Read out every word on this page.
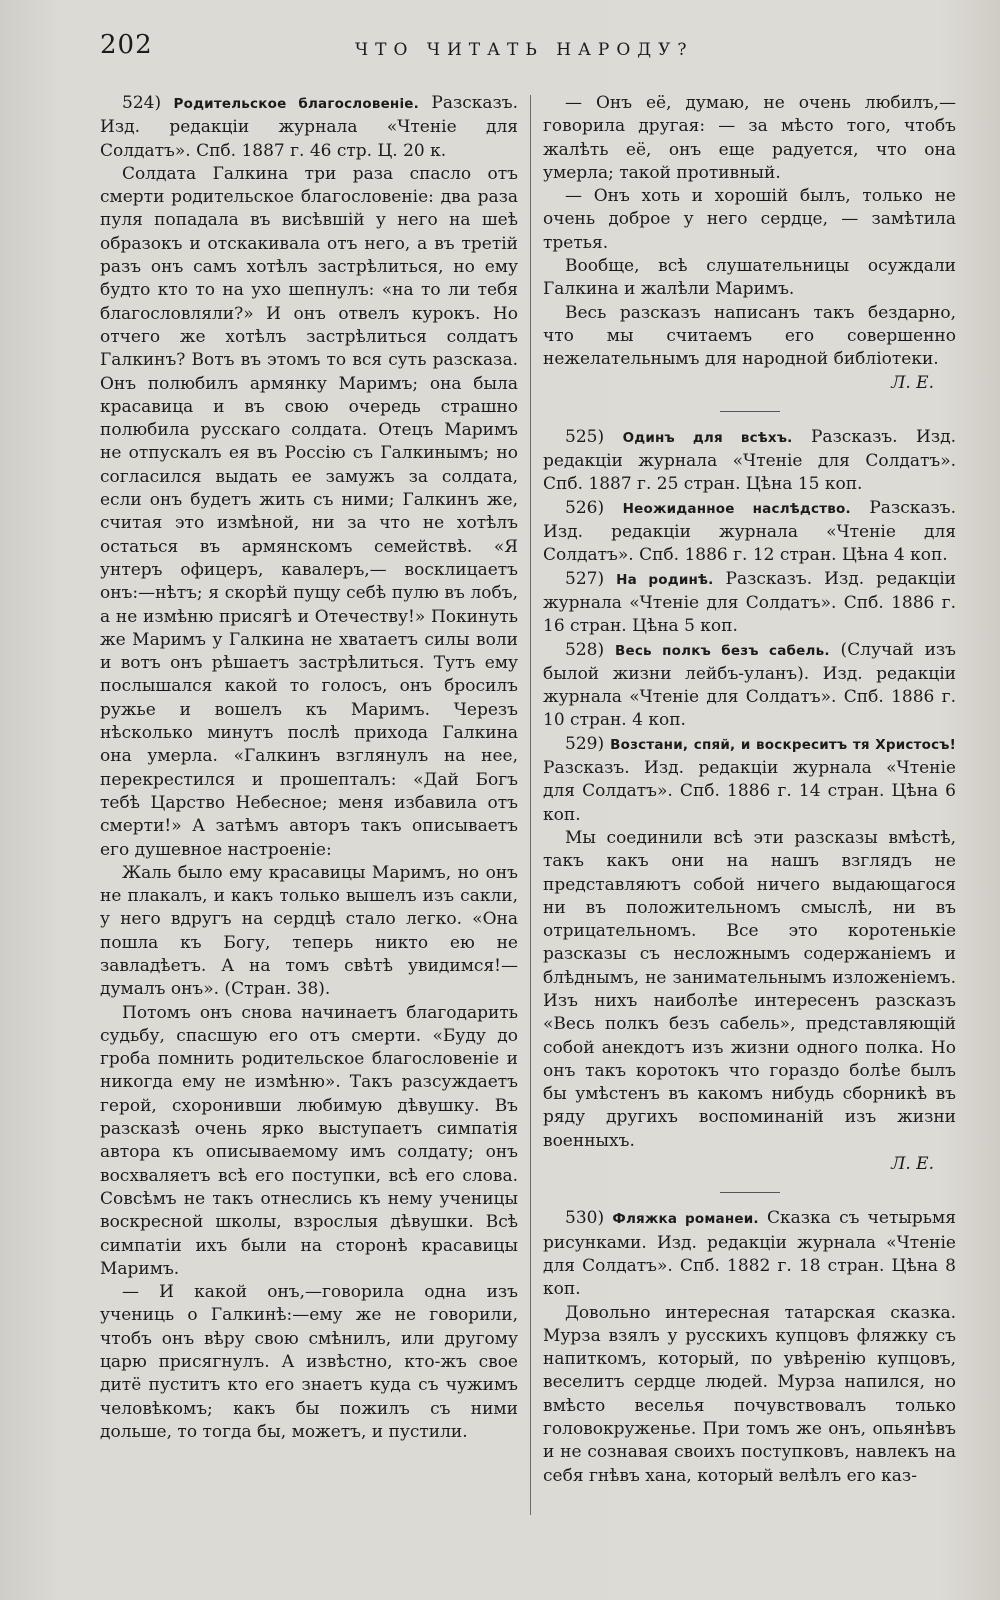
202	ЧТО ЧИТАТЬ НАРОДУ?

524) Родительское благословеніе. Разсказъ. Изд. редакціи журнала «Чтеніе для Солдатъ». Спб. 1887 г. 46 стр. Ц. 20 к.

Солдата Галкина три раза спасло отъ смерти родительское благословеніе: два раза пуля попадала въ висѣвшій у него на шеѣ образокъ и отскакивала отъ него, а въ третій разъ онъ самъ хотѣлъ застрѣлиться, но ему будто кто то на ухо шепнулъ: «на то ли тебя благословляли?» И онъ отвелъ курокъ. Но отчего же хотѣлъ застрѣлиться солдатъ Галкинъ? Вотъ въ этомъ то вся суть разсказа. Онъ полюбилъ армянку Маримъ; она была красавица и въ свою очередь страшно полюбила русскаго солдата. Отецъ Маримъ не отпускалъ ея въ Россію съ Галкинымъ; но согласился выдать ее замужъ за солдата, если онъ будетъ жить съ ними; Галкинъ же, считая это измѣной, ни за что не хотѣлъ остаться въ армянскомъ семействѣ. «Я унтеръ офицеръ, кавалеръ,— восклицаетъ онъ:—нѣтъ; я скорѣй пущу себѣ пулю въ лобъ, а не измѣню присягѣ и Отечеству!» Покинуть же Маримъ у Галкина не хватаетъ силы воли и вотъ онъ рѣшаетъ застрѣлиться. Тутъ ему послышался какой то голосъ, онъ бросилъ ружье и вошелъ къ Маримъ. Черезъ нѣсколько минутъ послѣ прихода Галкина она умерла. «Галкинъ взглянулъ на нее, перекрестился и прошепталъ: «Дай Богъ тебѣ Царство Небесное; меня избавила отъ смерти!» А затѣмъ авторъ такъ описываетъ его душевное настроеніе:

Жаль было ему красавицы Маримъ, но онъ не плакалъ, и какъ только вышелъ изъ сакли, у него вдругъ на сердцѣ стало легко. «Она пошла къ Богу, теперь никто ею не завладѣетъ. А на томъ свѣтѣ увидимся!— думалъ онъ». (Стран. 38).

Потомъ онъ снова начинаетъ благодарить судьбу, спасшую его отъ смерти. «Буду до гроба помнить родительское благословеніе и никогда ему не измѣню». Такъ разсуждаетъ герой, схоронивши любимую дѣвушку. Въ разсказѣ очень ярко выступаетъ симпатія автора къ описываемому имъ солдату; онъ восхваляетъ всѣ его поступки, всѣ его слова. Совсѣмъ не такъ отнеслись къ нему ученицы воскресной школы, взрослыя дѣвушки. Всѣ симпатіи ихъ были на сторонѣ красавицы Маримъ.

— И какой онъ,—говорила одна изъ учениць о Галкинѣ:—ему же не говорили, чтобъ онъ вѣру свою смѣнилъ, или другому царю присягнулъ. А извѣстно, кто-жъ свое дитё пуститъ кто его знаетъ куда съ чужимъ человѣкомъ; какъ бы пожилъ съ ними дольше, то тогда бы, можетъ, и пустили.

— Онъ её, думаю, не очень любилъ,—говорила другая: — за мѣсто того, чтобъ жалѣть её, онъ еще радуется, что она умерла; такой противный.

— Онъ хоть и хорошій былъ, только не очень доброе у него сердце, — замѣтила третья.

Вообще, всѣ слушательницы осуждали Галкина и жалѣли Маримъ.

Весь разсказъ написанъ такъ бездарно, что мы считаемъ его совершенно нежелательнымъ для народной библіотеки.

Л. Е.

525) Одинъ для всѣхъ. Разсказъ. Изд. редакціи журнала «Чтеніе для Солдатъ». Спб. 1887 г. 25 стран. Цѣна 15 коп.

526) Неожиданное наслѣдство. Разсказъ. Изд. редакціи журнала «Чтеніе для Солдатъ». Спб. 1886 г. 12 стран. Цѣна 4 коп.

527) На родинѣ. Разсказъ. Изд. редакціи журнала «Чтеніе для Солдатъ». Спб. 1886 г. 16 стран. Цѣна 5 коп.

528) Весь полкъ безъ сабель. (Случай изъ былой жизни лейбъ-уланъ). Изд. редакціи журнала «Чтеніе для Солдатъ». Спб. 1886 г. 10 стран. 4 коп.

529) Возстани, спяй, и воскреситъ тя Христосъ! Разсказъ. Изд. редакціи журнала «Чтеніе для Солдатъ». Спб. 1886 г. 14 стран. Цѣна 6 коп.

Мы соединили всѣ эти разсказы вмѣстѣ, такъ какъ они на нашъ взглядъ не представляютъ собой ничего выдающагося ни въ положительномъ смыслѣ, ни въ отрицательномъ. Все это коротенькіе разсказы съ несложнымъ содержаніемъ и блѣднымъ, не занимательнымъ изложеніемъ. Изъ нихъ наиболѣе интересенъ разсказъ «Весь полкъ безъ сабель», представляющій собой анекдотъ изъ жизни одного полка. Но онъ такъ коротокъ что гораздо болѣе былъ бы умѣстенъ въ какомъ нибудь сборникѣ въ ряду другихъ воспоминаній изъ жизни военныхъ.

Л. Е.

530) Фляжка романеи. Сказка съ четырьмя рисунками. Изд. редакціи журнала «Чтеніе для Солдатъ». Спб. 1882 г. 18 стран. Цѣна 8 коп.

Довольно интересная татарская сказка. Мурза взялъ у русскихъ купцовъ фляжку съ напиткомъ, который, по увѣренію купцовъ, веселитъ сердце людей. Мурза напился, но вмѣсто веселья почувствовалъ только головокруженье. При томъ же онъ, опьянѣвъ и не сознавая своихъ поступковъ, навлекъ на себя гнѣвъ хана, который велѣлъ его каз-
